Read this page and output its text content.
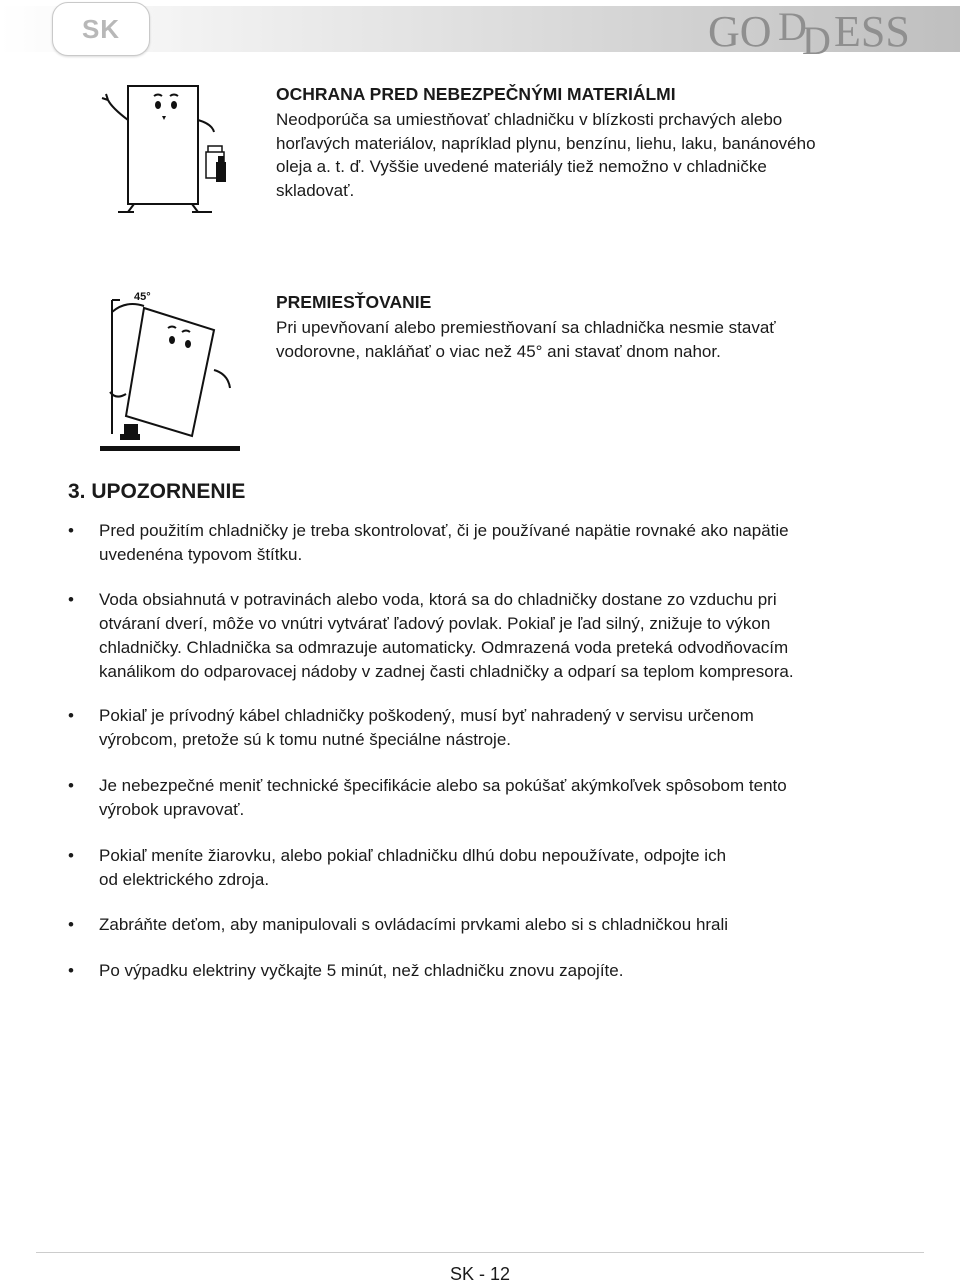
SK	GO D
D ESS
OCHRANA PRED NEBEZPEČNÝMI MATERIÁLMI
Neodporúča sa umiestňovať chladničku v blízkosti prchavých alebo
horľavých materiálov, napríklad plynu, benzínu, liehu, laku, banánového
oleja a. t. ď. Vyššie uvedené materiály tiež nemožno v chladničke
skladovať.
45°	PREMIESŤOVANIE
Pri upevňovaní alebo premiestňovaní sa chladnička nesmie stavať
vodorovne, nakláňať o viac než 45° ani stavať dnom nahor.
3. UPOZORNENIE
•	Pred použitím chladničky je treba skontrolovať, či je používané napätie rovnaké ako napätie
uvedenéna typovom štítku.
•	Voda obsiahnutá v potravinách alebo voda, ktorá sa do chladničky dostane zo vzduchu pri
otváraní dverí, môže vo vnútri vytvárať ľadový povlak. Pokiaľ je ľad silný, znižuje to výkon
chladničky. Chladnička sa odmrazuje automaticky. Odmrazená voda preteká odvodňovacím
kanálikom do odparovacej nádoby v zadnej časti chladničky a odparí sa teplom kompresora.
•	Pokiaľ je prívodný kábel chladničky poškodený, musí byť nahradený v servisu určenom
výrobcom, pretože sú k tomu nutné špeciálne nástroje.
•	Je nebezpečné meniť technické špecifikácie alebo sa pokúšať akýmkoľvek spôsobom tento
výrobok upravovať.
•	Pokiaľ meníte žiarovku, alebo pokiaľ chladničku dlhú dobu nepoužívate, odpojte ich
od elektrického zdroja.
•	Zabráňte deťom, aby manipulovali s ovládacími prvkami alebo si s chladničkou hrali
•	Po výpadku elektriny vyčkajte 5 minút, než chladničku znovu zapojíte.
SK - 12
